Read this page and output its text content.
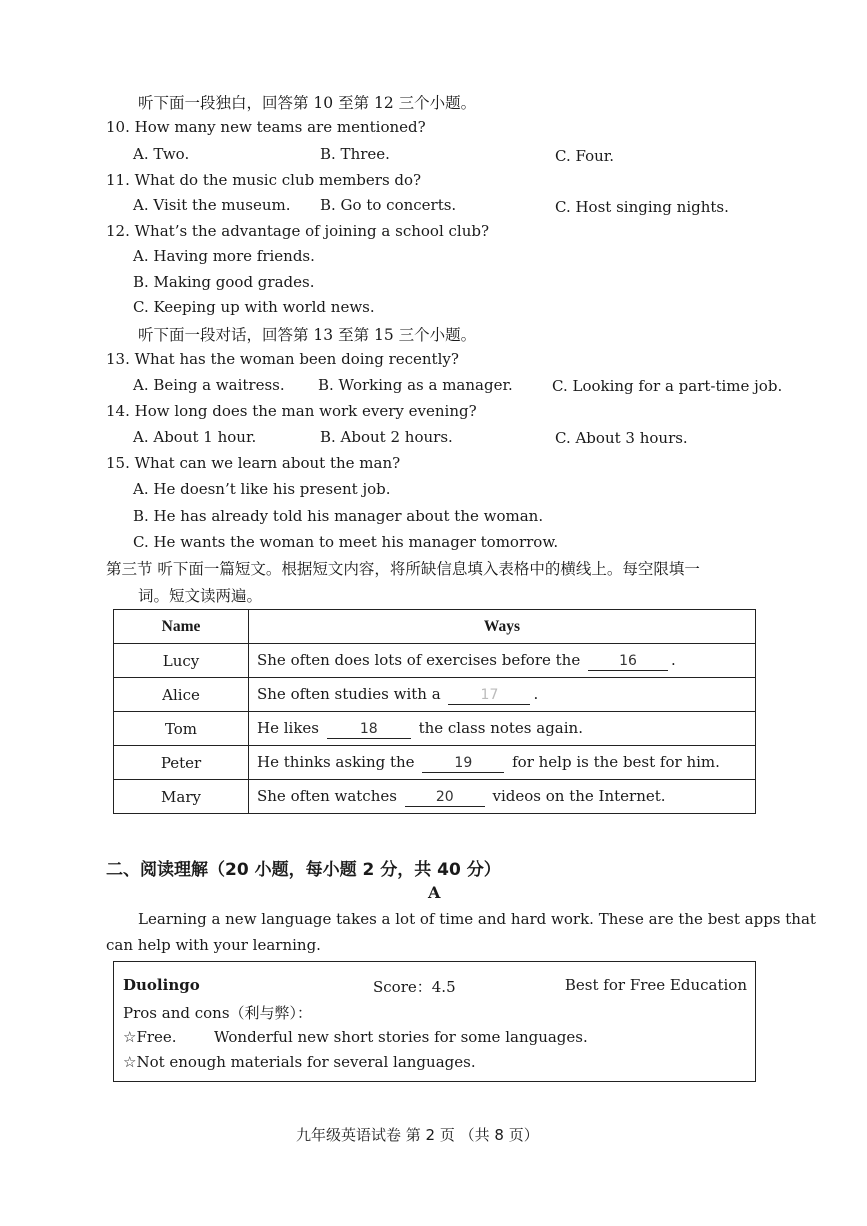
听下面一段独白，回答第 10 至第 12 三个小题。
10. How many new teams are mentioned?
A. Two.	B. Three.	C. Four.
11. What do the music club members do?
A. Visit the museum. B. Go to concerts.	C. Host singing nights.
12. What’s the advantage of joining a school club?
A. Having more friends.
B. Making good grades.
C. Keeping up with world news.
听下面一段对话，回答第 13 至第 15 三个小题。
13. What has the woman been doing recently?
A. Being a waitress. B. Working as a manager.	C. Looking for a part-time job.
14. How long does the man work every evening?
A. About 1 hour.	B. About 2 hours.	C. About 3 hours.
15. What can we learn about the man?
A. He doesn’t like his present job.
B. He has already told his manager about the woman.
C. He wants the woman to meet his manager tomorrow.
第三节 听下面一篇短文。根据短文内容，将所缺信息填入表格中的横线上。每空限填一
词。短文读两遍。
Name	Ways
Lucy	She often does lots of exercises before the 16 .
Alice	She often studies with a 17 .
Tom	He likes 18 the class notes again.
Peter	He thinks asking the 19 for help is the best for him.
Mary	She often watches 20 videos on the Internet.
二、阅读理解（20 小题，每小题 2 分，共 40 分）
A
Learning a new language takes a lot of time and hard work. These are the best apps that
can help with your learning.
Duolingo	Score：4.5	Best for Free Education
Pros and cons（利与弊）：
☆Free. Wonderful new short stories for some languages.
☆Not enough materials for several languages.
九年级英语试卷 第 2 页 （共 8 页）
